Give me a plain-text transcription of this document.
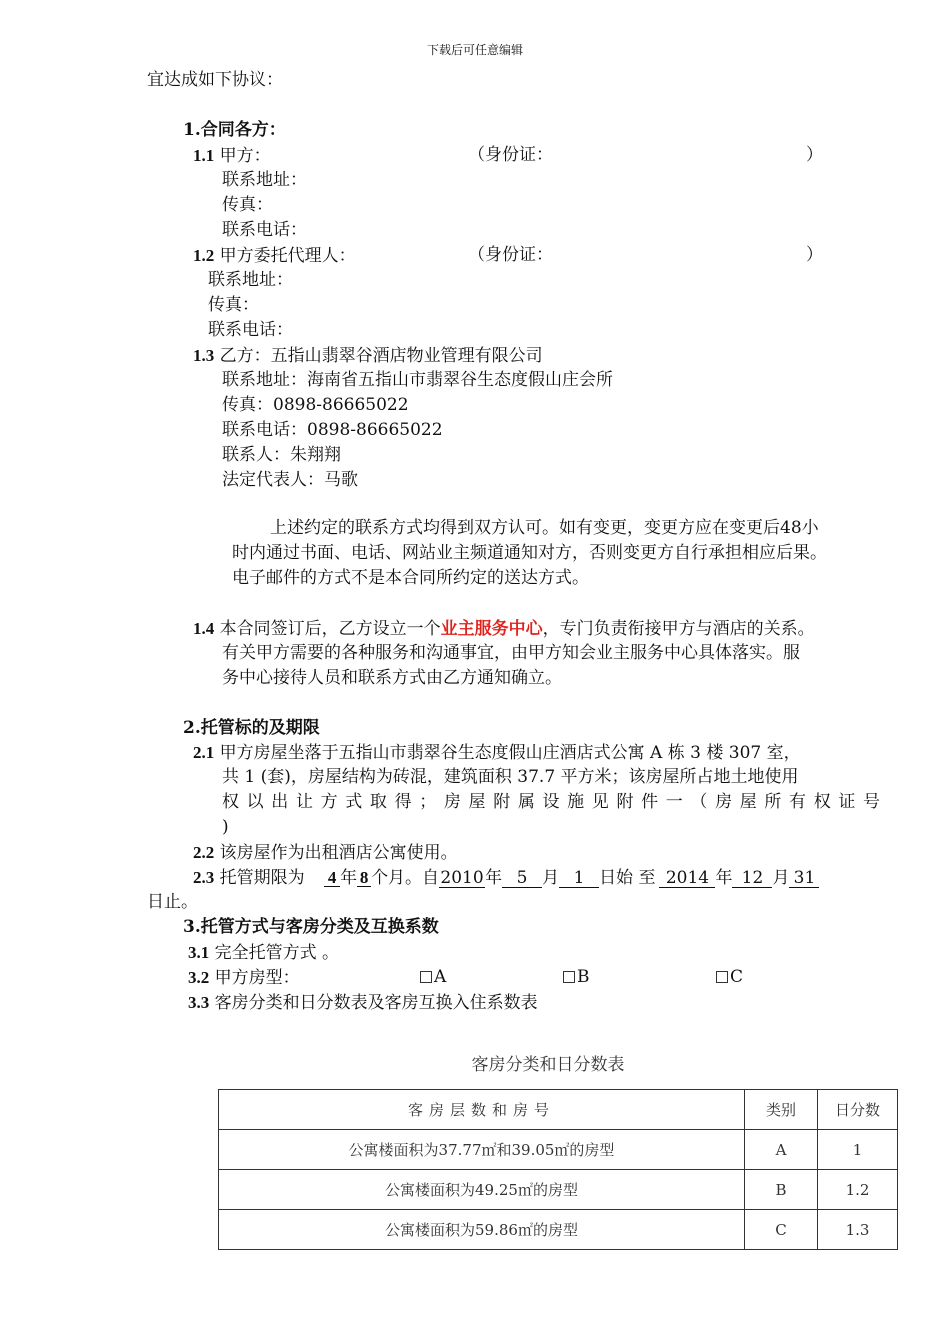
下载后可任意编辑
宜达成如下协议：
1.合同各方：
1.1 甲方：	（身份证：	）
联系地址：
传真：
联系电话：
1.2 甲方委托代理人：	（身份证：	）
联系地址：
传真：
联系电话：
1.3 乙方：五指山翡翠谷酒店物业管理有限公司
联系地址：海南省五指山市翡翠谷生态度假山庄会所
传真：0898-86665022
联系电话：0898-86665022
联系人：朱翔翔
法定代表人：马歌
上述约定的联系方式均得到双方认可。如有变更，变更方应在变更后48小
时内通过书面、电话、网站业主频道通知对方，否则变更方自行承担相应后果。
电子邮件的方式不是本合同所约定的送达方式。
1.4 本合同签订后，乙方设立一个业主服务中心，专门负责衔接甲方与酒店的关系。
有关甲方需要的各种服务和沟通事宜，由甲方知会业主服务中心具体落实。服
务中心接待人员和联系方式由乙方通知确立。
2.托管标的及期限
2.1 甲方房屋坐落于五指山市翡翠谷生态度假山庄酒店式公寓 A 栋 3 楼 307 室，
共 1 (套)，房屋结构为砖混，建筑面积 37.7 平方米；该房屋所占地土地使用
权以出让方式取得；房屋附属设施见附件一（房屋所有权证号
)
2.2 该房屋作为出租酒店公寓使用。
2.3 托管期限为 4 年 8 个月。自2010年 5 月 1 日始 至 2014 年 12 月 31
日止。
3.托管方式与客房分类及互换系数
3.1 完全托管方式 。
3.2 甲方房型：	A	B	C
3.3 客房分类和日分数表及客房互换入住系数表
客房分类和日分数表
客房层数和房号	类别	日分数
公寓楼面积为37.77㎡和39.05㎡的房型	A	1
公寓楼面积为49.25㎡的房型	B	1.2
公寓楼面积为59.86㎡的房型	C	1.3
